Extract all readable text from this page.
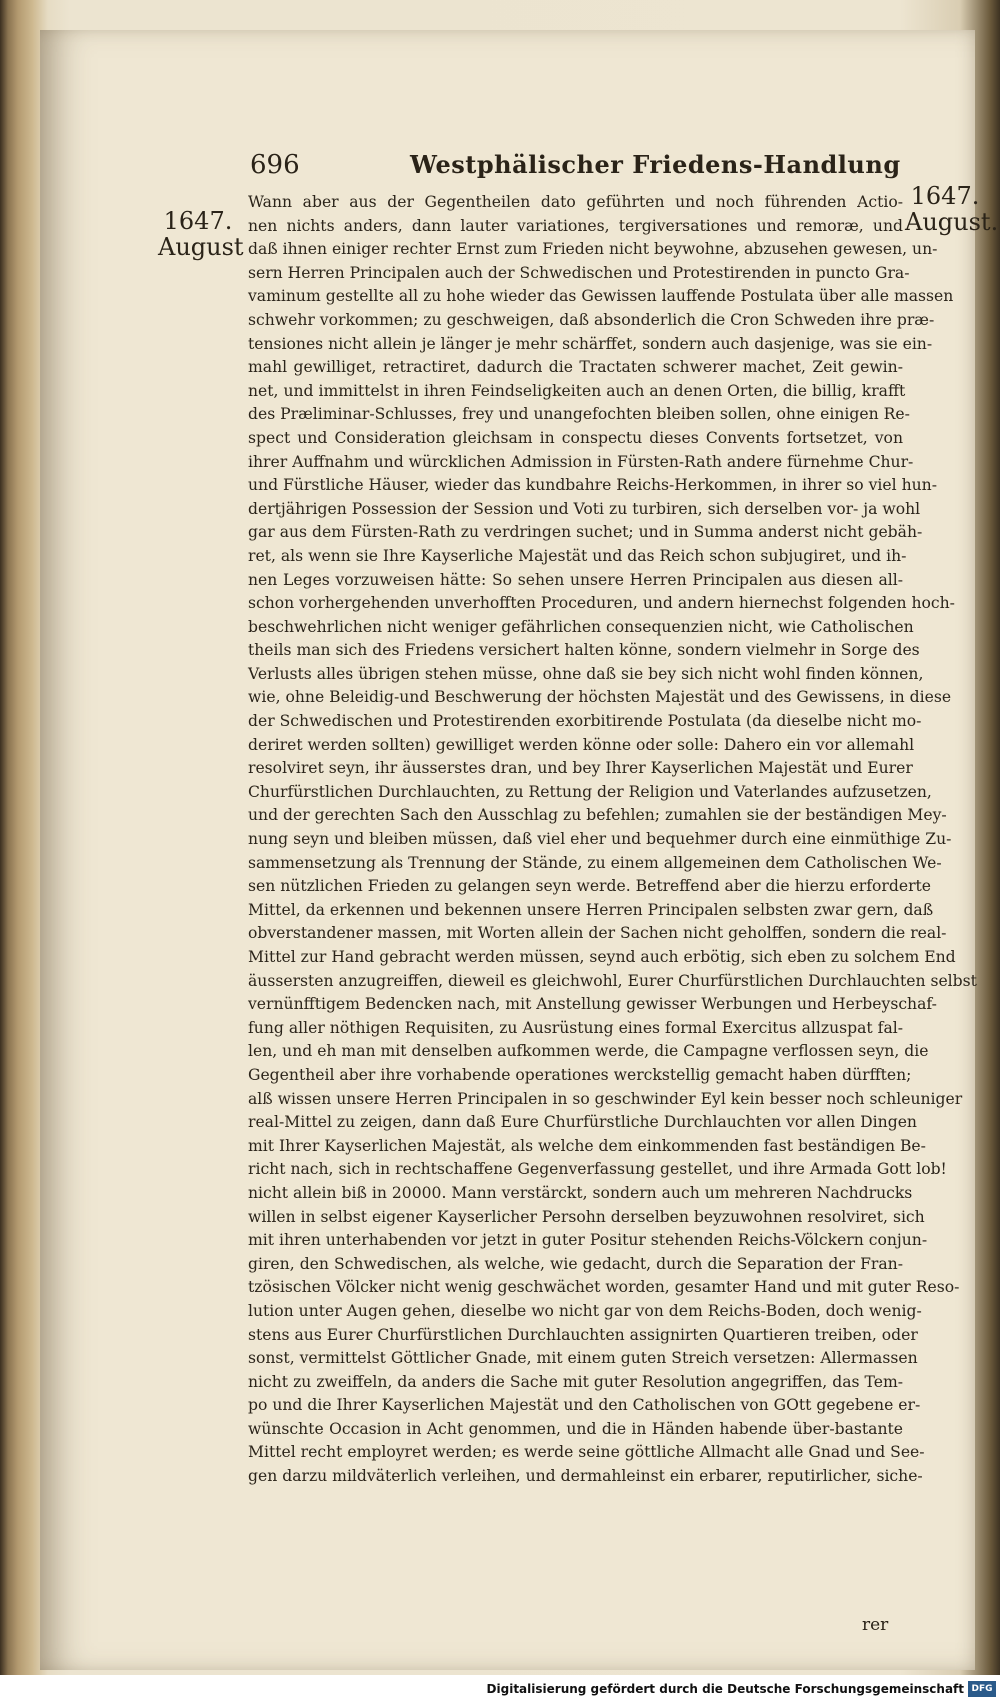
696	Westphälischer Friedens-Handlung
1647.
August
1647.
August.
Wann aber aus der Gegentheilen dato geführten und noch führenden Actio-
nen nichts anders, dann lauter variationes, tergiversationes und remoræ, und
daß ihnen einiger rechter Ernst zum Frieden nicht beywohne, abzusehen gewesen, un-
sern Herren Principalen auch der Schwedischen und Protestirenden in puncto Gra-
vaminum gestellte all zu hohe wieder das Gewissen lauffende Postulata über alle massen
schwehr vorkommen; zu geschweigen, daß absonderlich die Cron Schweden ihre præ-
tensiones nicht allein je länger je mehr schärffet, sondern auch dasjenige, was sie ein-
mahl gewilliget, retractiret, dadurch die Tractaten schwerer machet, Zeit gewin-
net, und immittelst in ihren Feindseligkeiten auch an denen Orten, die billig, krafft
des Præliminar-Schlusses, frey und unangefochten bleiben sollen, ohne einigen Re-
spect und Consideration gleichsam in conspectu dieses Convents fortsetzet, von
ihrer Auffnahm und würcklichen Admission in Fürsten-Rath andere fürnehme Chur-
und Fürstliche Häuser, wieder das kundbahre Reichs-Herkommen, in ihrer so viel hun-
dertjährigen Possession der Session und Voti zu turbiren, sich derselben vor- ja wohl
gar aus dem Fürsten-Rath zu verdringen suchet; und in Summa anderst nicht gebäh-
ret, als wenn sie Ihre Kayserliche Majestät und das Reich schon subjugiret, und ih-
nen Leges vorzuweisen hätte: So sehen unsere Herren Principalen aus diesen all-
schon vorhergehenden unverhofften Proceduren, und andern hiernechst folgenden hoch-
beschwehrlichen nicht weniger gefährlichen consequenzien nicht, wie Catholischen
theils man sich des Friedens versichert halten könne, sondern vielmehr in Sorge des
Verlusts alles übrigen stehen müsse, ohne daß sie bey sich nicht wohl finden können,
wie, ohne Beleidig-und Beschwerung der höchsten Majestät und des Gewissens, in diese
der Schwedischen und Protestirenden exorbitirende Postulata (da dieselbe nicht mo-
deriret werden sollten) gewilliget werden könne oder solle: Dahero ein vor allemahl
resolviret seyn, ihr äusserstes dran, und bey Ihrer Kayserlichen Majestät und Eurer
Churfürstlichen Durchlauchten, zu Rettung der Religion und Vaterlandes aufzusetzen,
und der gerechten Sach den Ausschlag zu befehlen; zumahlen sie der beständigen Mey-
nung seyn und bleiben müssen, daß viel eher und bequehmer durch eine einmüthige Zu-
sammensetzung als Trennung der Stände, zu einem allgemeinen dem Catholischen We-
sen nützlichen Frieden zu gelangen seyn werde. Betreffend aber die hierzu erforderte
Mittel, da erkennen und bekennen unsere Herren Principalen selbsten zwar gern, daß
obverstandener massen, mit Worten allein der Sachen nicht geholffen, sondern die real-
Mittel zur Hand gebracht werden müssen, seynd auch erbötig, sich eben zu solchem End
äussersten anzugreiffen, dieweil es gleichwohl, Eurer Churfürstlichen Durchlauchten selbst
vernünfftigem Bedencken nach, mit Anstellung gewisser Werbungen und Herbeyschaf-
fung aller nöthigen Requisiten, zu Ausrüstung eines formal Exercitus allzuspat fal-
len, und eh man mit denselben aufkommen werde, die Campagne verflossen seyn, die
Gegentheil aber ihre vorhabende operationes werckstellig gemacht haben dürfften;
alß wissen unsere Herren Principalen in so geschwinder Eyl kein besser noch schleuniger
real-Mittel zu zeigen, dann daß Eure Churfürstliche Durchlauchten vor allen Dingen
mit Ihrer Kayserlichen Majestät, als welche dem einkommenden fast beständigen Be-
richt nach, sich in rechtschaffene Gegenverfassung gestellet, und ihre Armada Gott lob!
nicht allein biß in 20000. Mann verstärckt, sondern auch um mehreren Nachdrucks
willen in selbst eigener Kayserlicher Persohn derselben beyzuwohnen resolviret, sich
mit ihren unterhabenden vor jetzt in guter Positur stehenden Reichs-Völckern conjun-
giren, den Schwedischen, als welche, wie gedacht, durch die Separation der Fran-
tzösischen Völcker nicht wenig geschwächet worden, gesamter Hand und mit guter Reso-
lution unter Augen gehen, dieselbe wo nicht gar von dem Reichs-Boden, doch wenig-
stens aus Eurer Churfürstlichen Durchlauchten assignirten Quartieren treiben, oder
sonst, vermittelst Göttlicher Gnade, mit einem guten Streich versetzen: Allermassen
nicht zu zweiffeln, da anders die Sache mit guter Resolution angegriffen, das Tem-
po und die Ihrer Kayserlichen Majestät und den Catholischen von GOtt gegebene er-
wünschte Occasion in Acht genommen, und die in Händen habende über-bastante
Mittel recht employret werden; es werde seine göttliche Allmacht alle Gnad und See-
gen darzu mildväterlich verleihen, und dermahleinst ein erbarer, reputirlicher, siche-
rer
Digitalisierung gefördert durch die Deutsche Forschungsgemeinschaft DFG
